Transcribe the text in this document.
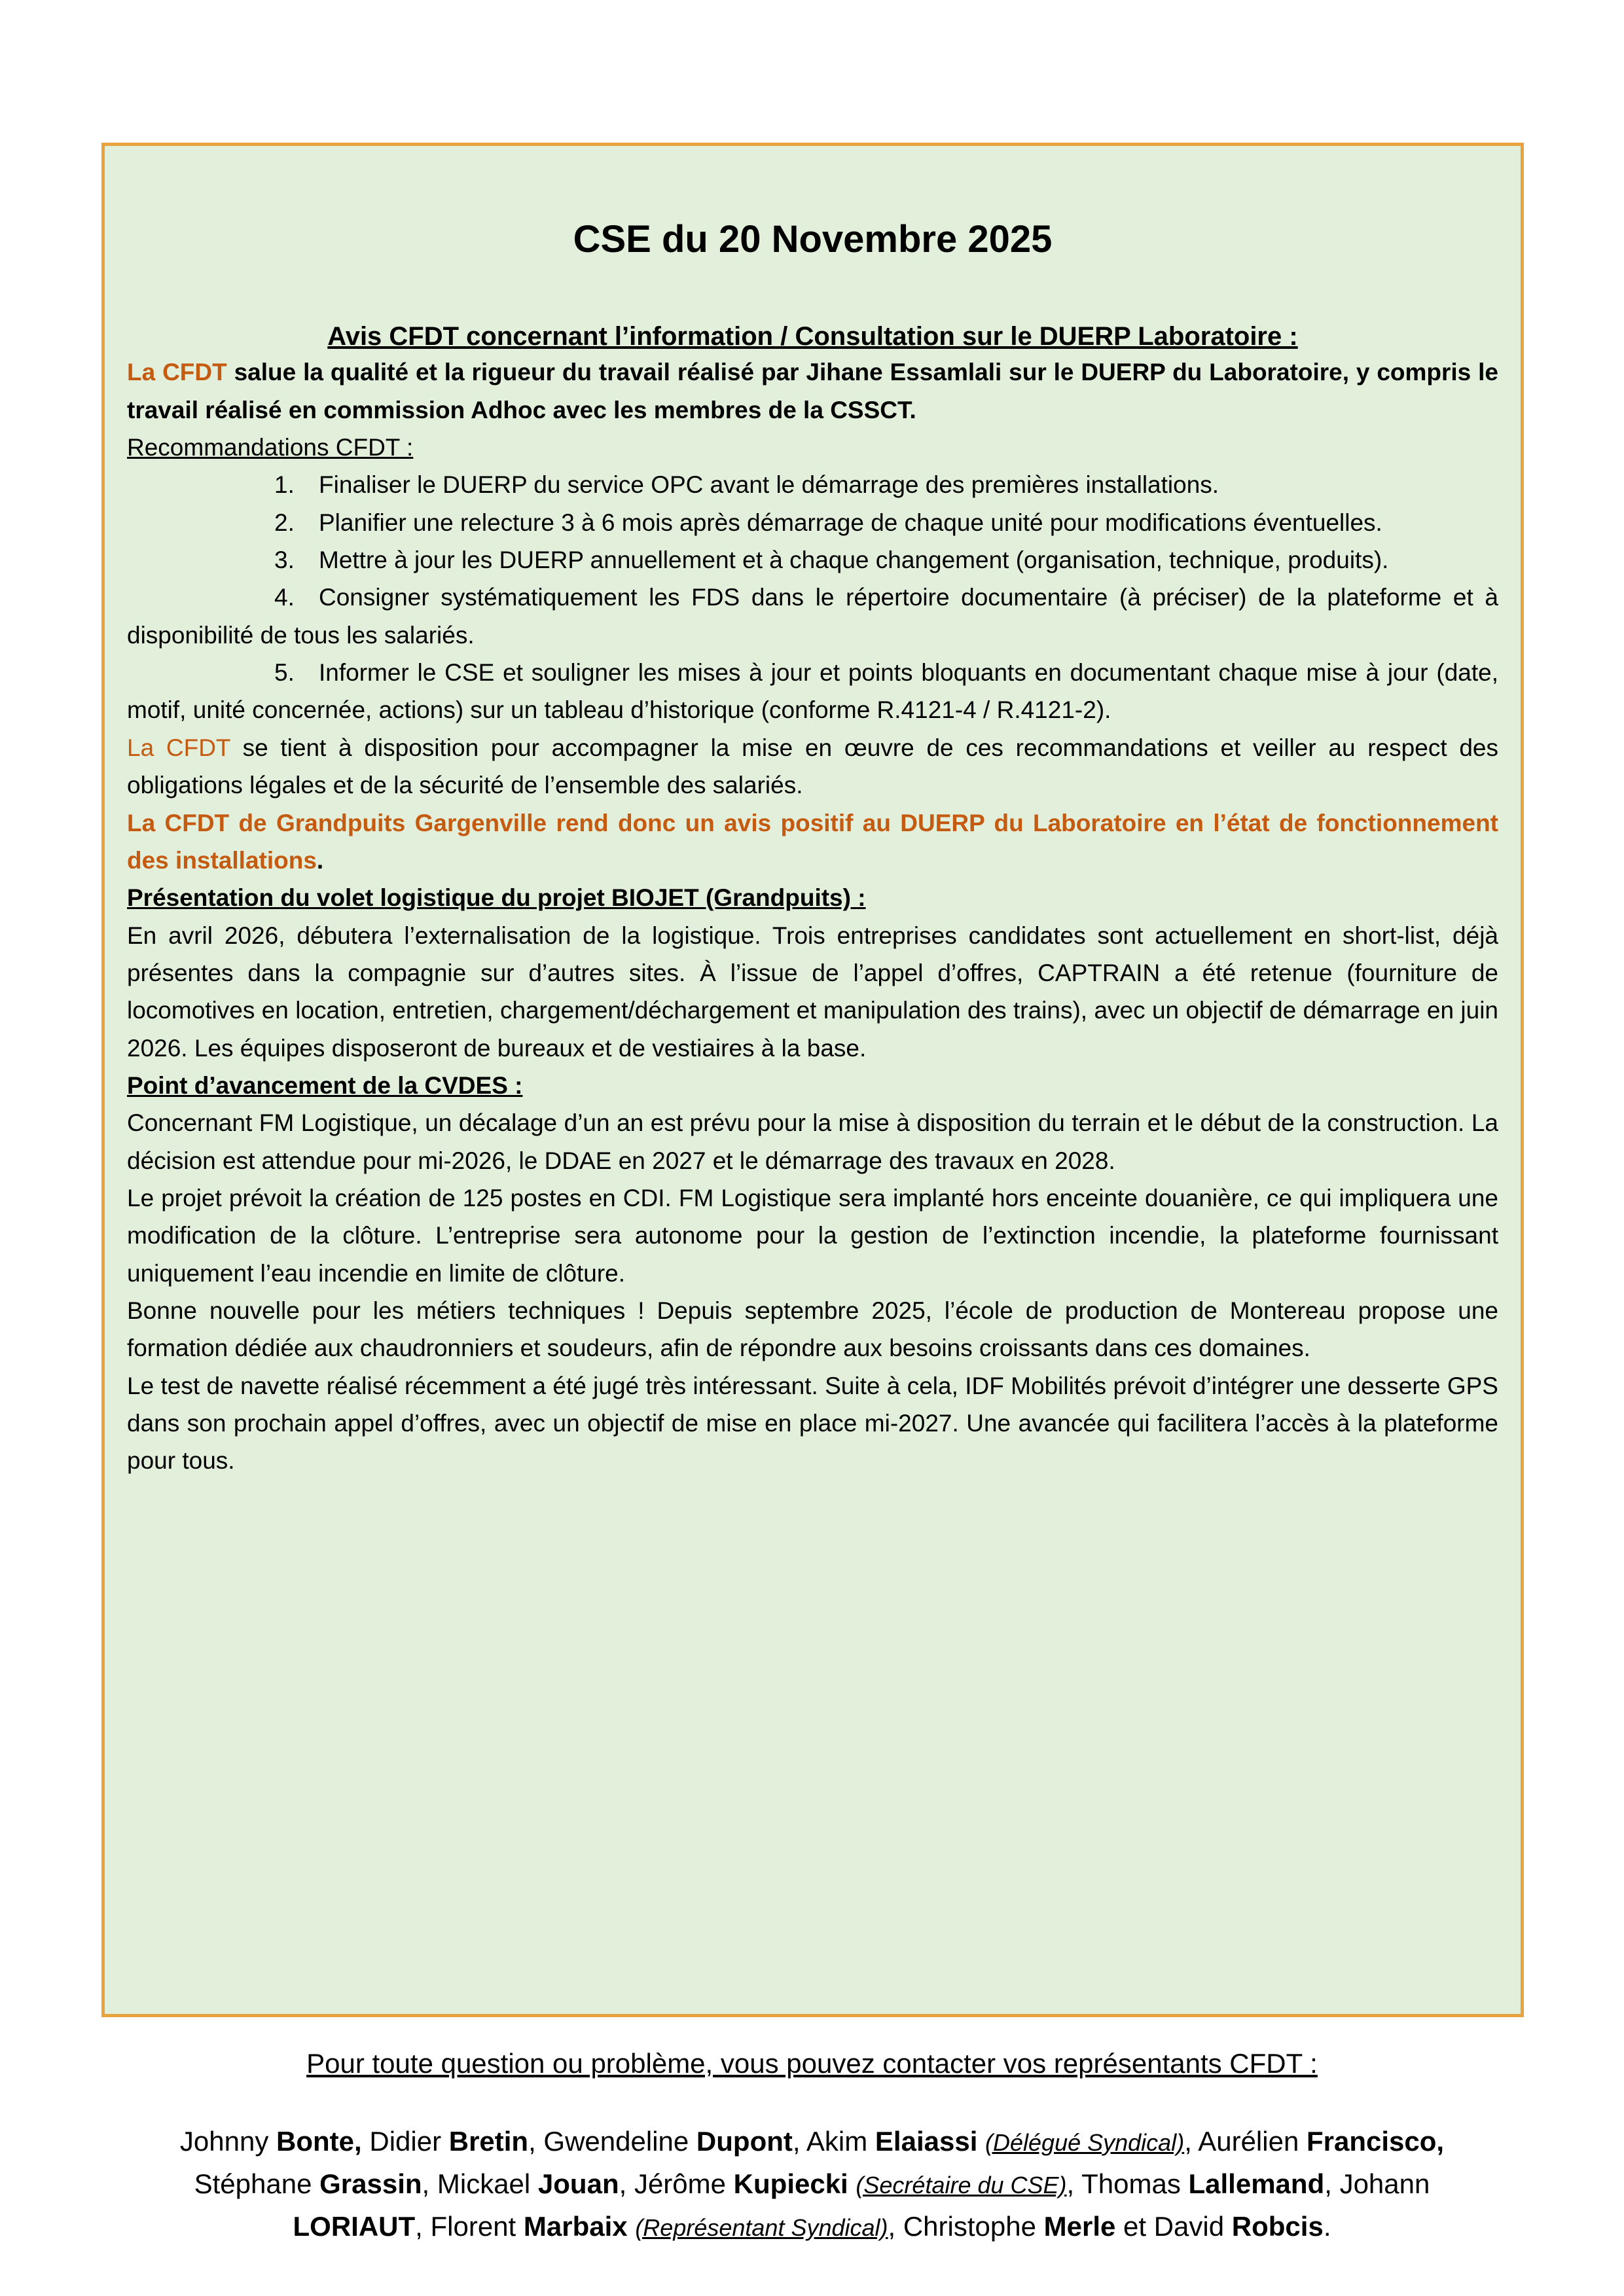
CSE du 20 Novembre 2025
Avis CFDT concernant l’information / Consultation sur le DUERP Laboratoire :

La CFDT salue la qualité et la rigueur du travail réalisé par Jihane Essamlali sur le DUERP du Laboratoire, y compris le travail réalisé en commission Adhoc avec les membres de la CSSCT.

Recommandations CFDT :

1. Finaliser le DUERP du service OPC avant le démarrage des premières installations.

2. Planifier une relecture 3 à 6 mois après démarrage de chaque unité pour modifications éventuelles.

3. Mettre à jour les DUERP annuellement et à chaque changement (organisation, technique, produits).

4. Consigner systématiquement les FDS dans le répertoire documentaire (à préciser) de la plateforme et à disponibilité de tous les salariés.

5. Informer le CSE et souligner les mises à jour et points bloquants en documentant chaque mise à jour (date, motif, unité concernée, actions) sur un tableau d’historique (conforme R.4121-4 / R.4121-2).

La CFDT se tient à disposition pour accompagner la mise en œuvre de ces recommandations et veiller au respect des obligations légales et de la sécurité de l’ensemble des salariés.

La CFDT de Grandpuits Gargenville rend donc un avis positif au DUERP du Laboratoire en l’état de fonctionnement des installations.

Présentation du volet logistique du projet BIOJET (Grandpuits) :

En avril 2026, débutera l’externalisation de la logistique. Trois entreprises candidates sont actuellement en short-list, déjà présentes dans la compagnie sur d’autres sites. À l’issue de l’appel d’offres, CAPTRAIN a été retenue (fourniture de locomotives en location, entretien, chargement/déchargement et manipulation des trains), avec un objectif de démarrage en juin 2026. Les équipes disposeront de bureaux et de vestiaires à la base.

Point d’avancement de la CVDES :

Concernant FM Logistique, un décalage d’un an est prévu pour la mise à disposition du terrain et le début de la construction. La décision est attendue pour mi-2026, le DDAE en 2027 et le démarrage des travaux en 2028.

Le projet prévoit la création de 125 postes en CDI. FM Logistique sera implanté hors enceinte douanière, ce qui impliquera une modification de la clôture. L’entreprise sera autonome pour la gestion de l’extinction incendie, la plateforme fournissant uniquement l’eau incendie en limite de clôture.

Bonne nouvelle pour les métiers techniques ! Depuis septembre 2025, l’école de production de Montereau propose une formation dédiée aux chaudronniers et soudeurs, afin de répondre aux besoins croissants dans ces domaines.

Le test de navette réalisé récemment a été jugé très intéressant. Suite à cela, IDF Mobilités prévoit d’intégrer une desserte GPS dans son prochain appel d’offres, avec un objectif de mise en place mi-2027. Une avancée qui facilitera l’accès à la plateforme pour tous.

Pour toute question ou problème, vous pouvez contacter vos représentants CFDT :

Johnny Bonte, Didier Bretin, Gwendeline Dupont, Akim Elaiassi (Délégué Syndical), Aurélien Francisco, Stéphane Grassin, Mickael Jouan, Jérôme Kupiecki (Secrétaire du CSE), Thomas Lallemand, Johann LORIAUT, Florent Marbaix (Représentant Syndical), Christophe Merle et David Robcis.
